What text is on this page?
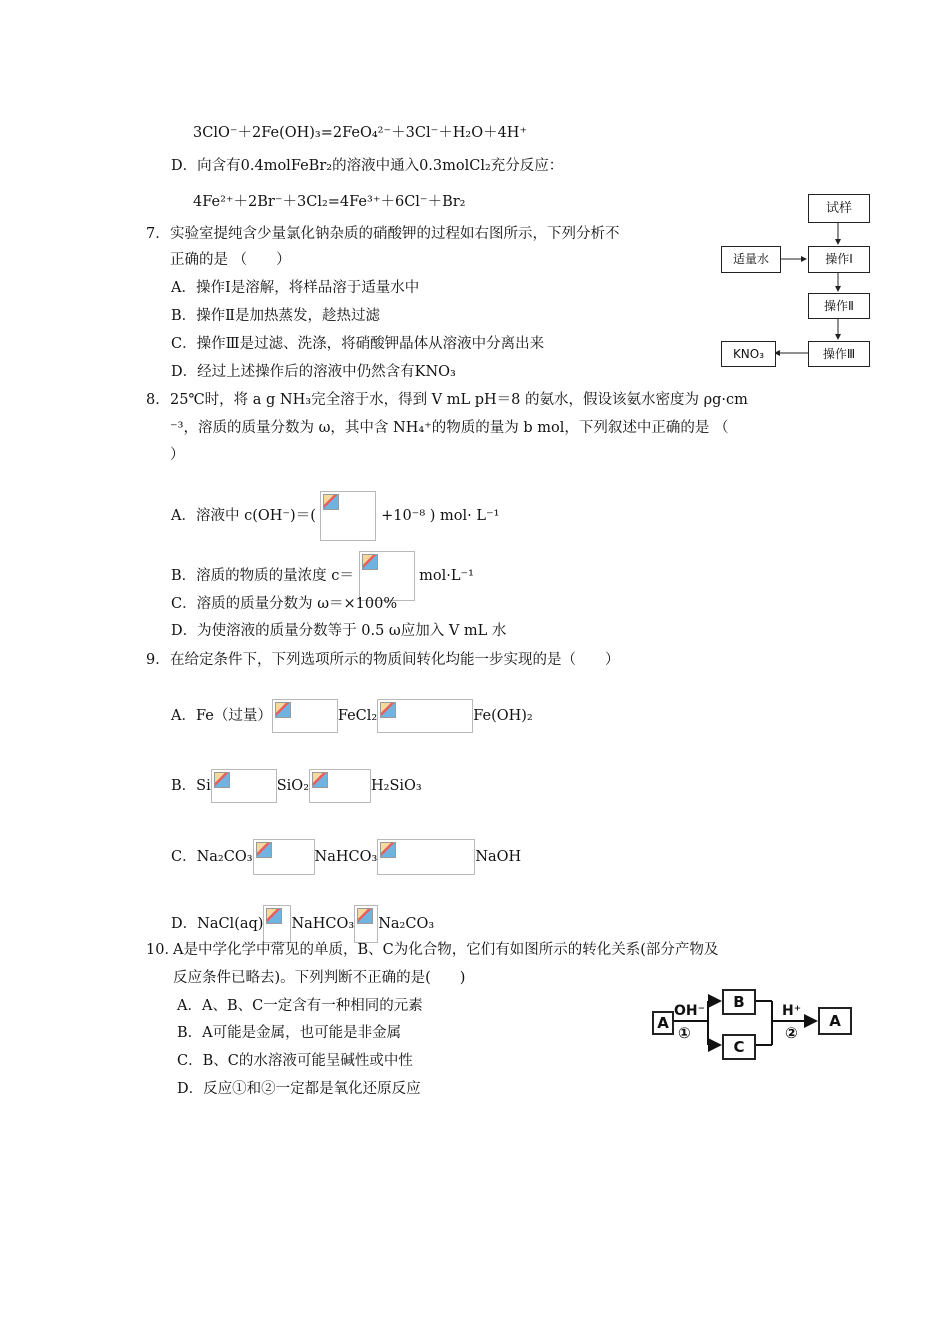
3ClO⁻＋2Fe(OH)₃=2FeO₄²⁻＋3Cl⁻＋H₂O＋4H⁺
D．向含有0.4molFeBr₂的溶液中通入0.3molCl₂充分反应：
4Fe²⁺＋2Br⁻＋3Cl₂=4Fe³⁺＋6Cl⁻＋Br₂
7． 实验室提纯含少量氯化钠杂质的硝酸钾的过程如右图所示，下列分析不
正确的是 （　　）
A．操作Ⅰ是溶解，将样品溶于适量水中
B．操作Ⅱ是加热蒸发，趁热过滤
C．操作Ⅲ是过滤、洗涤，将硝酸钾晶体从溶液中分离出来
D．经过上述操作后的溶液中仍然含有KNO₃
试样
适量水	操作Ⅰ
操作Ⅱ
操作Ⅲ
KNO₃
8． 25℃时，将 a g NH₃完全溶于水，得到 V mL pH＝8 的氨水，假设该氨水密度为 ρg·cm
⁻³，溶质的质量分数为 ω，其中含 NH₄⁺的物质的量为 b mol，下列叙述中正确的是 （
）
A．溶液中 c(OH⁻)＝(	+10⁻⁸ ) mol· L⁻¹
B．溶质的物质的量浓度 c＝	mol·L⁻¹
C．溶质的质量分数为 ω＝×100%
D．为使溶液的质量分数等于 0.5 ω应加入 V mL 水
9． 在给定条件下，下列选项所示的物质间转化均能一步实现的是（　　）
A．Fe（过量）	FeCl₂	Fe(OH)₂
B．Si	SiO₂	H₂SiO₃
C．Na₂CO₃	NaHCO₃	NaOH
D．NaCl(aq) NaHCO₃ Na₂CO₃
10．
A是中学化学中常见的单质，B、C为化合物，它们有如图所示的转化关系(部分产物及
反应条件已略去)。下列判断不正确的是(　　)
A．A、B、C一定含有一种相同的元素
B．A可能是金属，也可能是非金属
C．B、C的水溶液可能呈碱性或中性
D．反应①和②一定都是氧化还原反应
A
B
C
A
OH⁻
①
H⁺
②
